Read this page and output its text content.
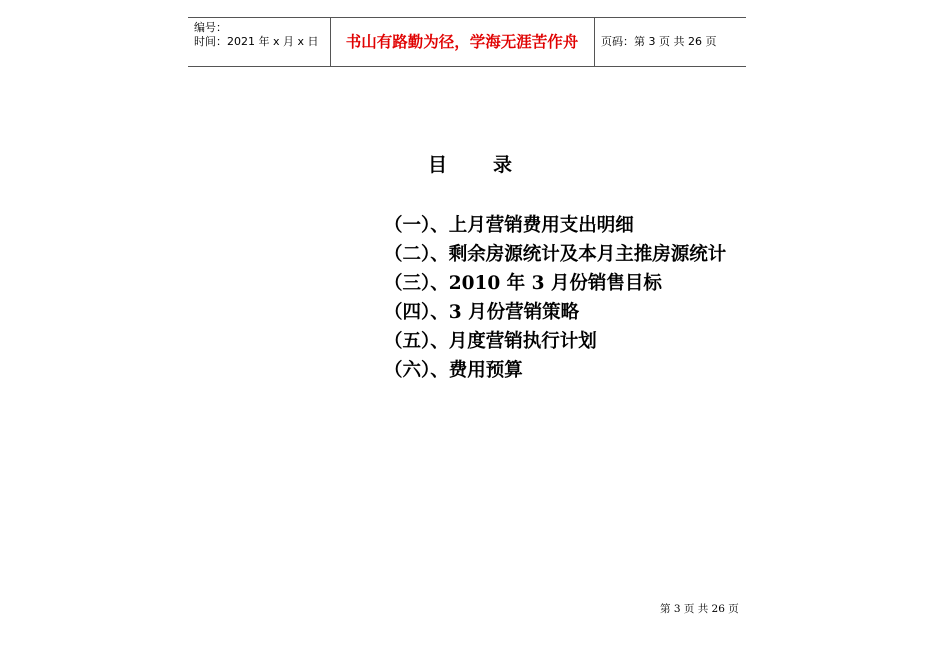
编号：
时间：2021 年 x 月 x 日	书山有路勤为径，学海无涯苦作舟	页码：第 3 页 共 26 页
目录
（一）、上月营销费用支出明细
（二）、剩余房源统计及本月主推房源统计
（三）、2010 年 3 月份销售目标
（四）、3 月份营销策略
（五）、月度营销执行计划
（六）、费用预算
第 3 页 共 26 页
